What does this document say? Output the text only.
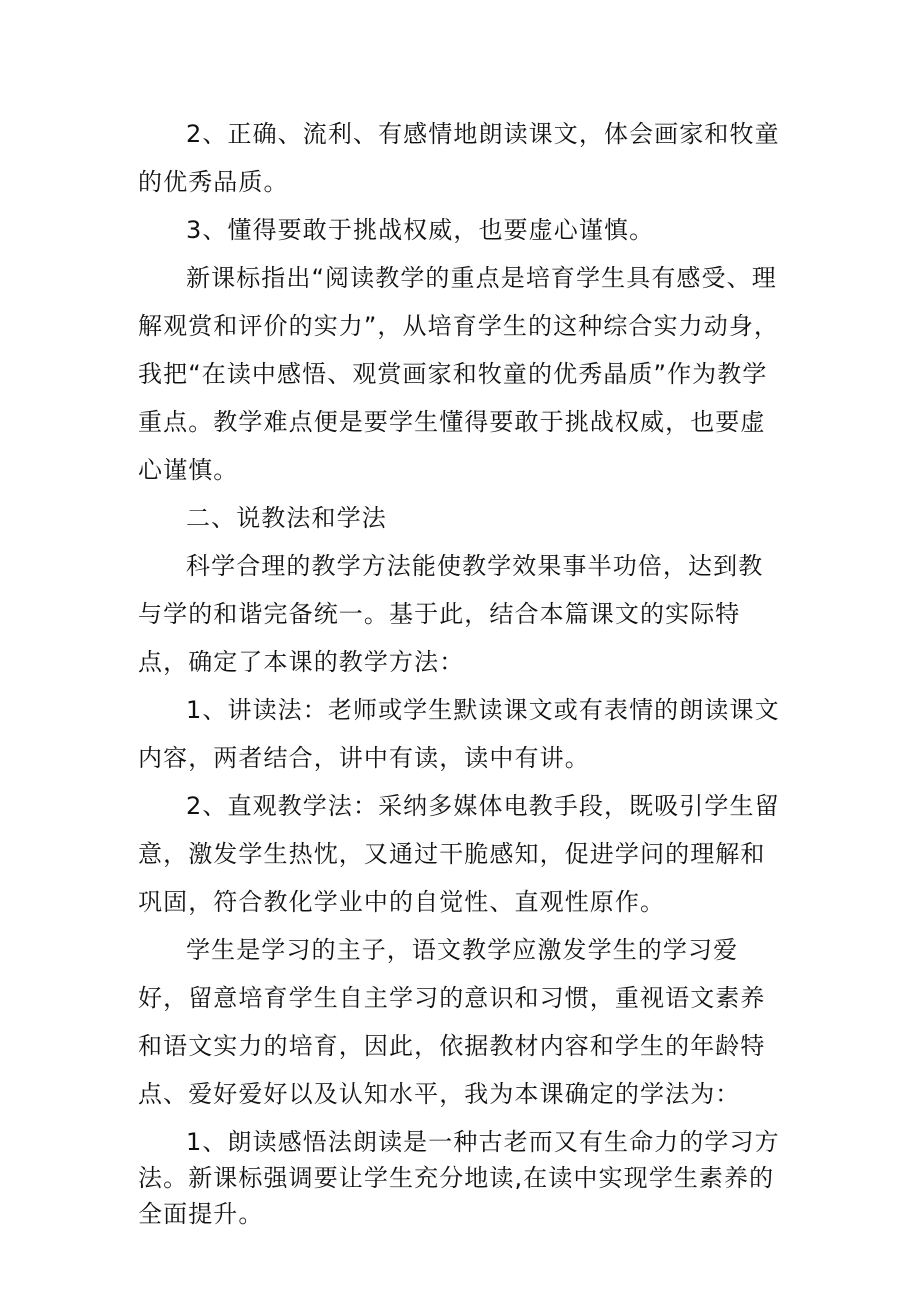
2、正确、流利、有感情地朗读课文，体会画家和牧童的优秀品质。

3、懂得要敢于挑战权威，也要虚心谨慎。

新课标指出“阅读教学的重点是培育学生具有感受、理解观赏和评价的实力”，从培育学生的这种综合实力动身，我把“在读中感悟、观赏画家和牧童的优秀晶质”作为教学重点。教学难点便是要学生懂得要敢于挑战权威，也要虚心谨慎。

二、说教法和学法

科学合理的教学方法能使教学效果事半功倍，达到教与学的和谐完备统一。基于此，结合本篇课文的实际特点，确定了本课的教学方法：

1、讲读法：老师或学生默读课文或有表情的朗读课文内容，两者结合，讲中有读，读中有讲。

2、直观教学法：采纳多媒体电教手段，既吸引学生留意，激发学生热忱，又通过干脆感知，促进学问的理解和巩固，符合教化学业中的自觉性、直观性原作。

学生是学习的主子，语文教学应激发学生的学习爱好，留意培育学生自主学习的意识和习惯，重视语文素养和语文实力的培育，因此，依据教材内容和学生的年龄特点、爱好爱好以及认知水平，我为本课确定的学法为：

1、朗读感悟法朗读是一种古老而又有生命力的学习方法。新课标强调要让学生充分地读,在读中实现学生素养的全面提升。
